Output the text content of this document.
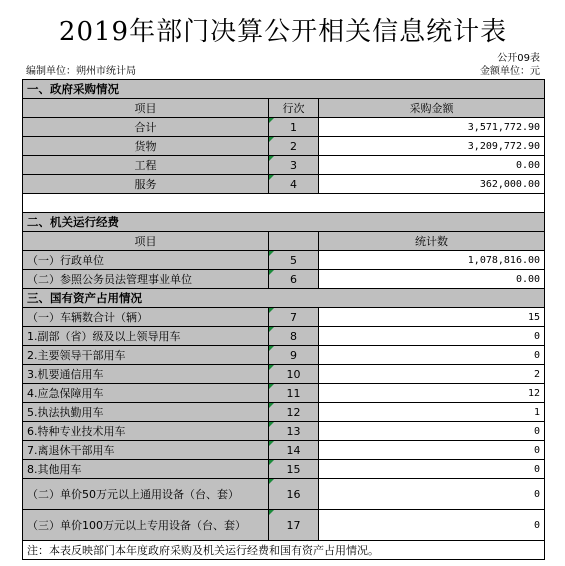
2019年部门决算公开相关信息统计表
公开09表
编制单位：朔州市统计局	金额单位：元
一、政府采购情况		
项目	行次	采购金额
合计	1	3,571,772.90
货物	2	3,209,772.90
工程	3	0.00
服务	4	362,000.00

二、机关运行经费		
项目		统计数
（一）行政单位	5	1,078,816.00
（二）参照公务员法管理事业单位	6	0.00
三、国有资产占用情况		
（一）车辆数合计（辆）	7	15
1.副部（省）级及以上领导用车	8	0
2.主要领导干部用车	9	0
3.机要通信用车	10	2
4.应急保障用车	11	12
5.执法执勤用车	12	1
6.特种专业技术用车	13	0
7.离退休干部用车	14	0
8.其他用车	15	0
（二）单价50万元以上通用设备（台、套）	16	0
（三）单价100万元以上专用设备（台、套）	17	0
注：本表反映部门本年度政府采购及机关运行经费和国有资产占用情况。		
